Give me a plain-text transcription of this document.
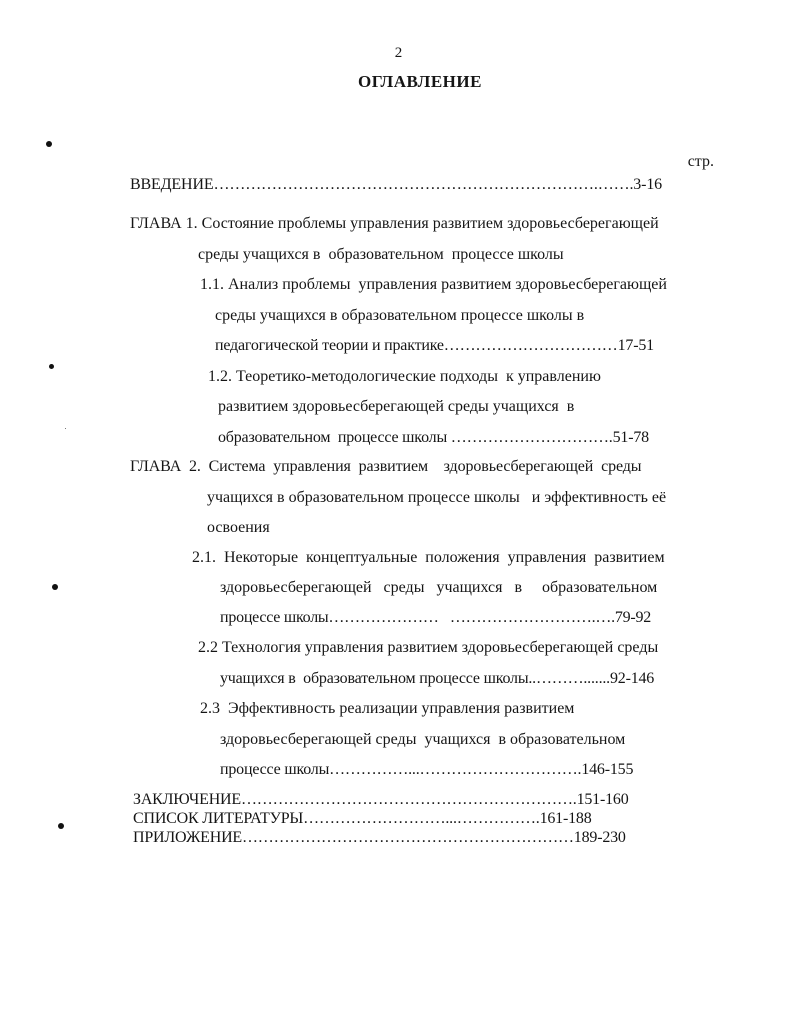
2
ОГЛАВЛЕНИЕ
стр.
ВВЕДЕНИЕ……………………………………………………………….…….3-16
ГЛАВА 1. Состояние проблемы управления развитием здоровьесберегающей
среды учащихся в  образовательном  процессе школы
1.1. Анализ проблемы  управления развитием здоровьесберегающей
среды учащихся в образовательном процессе школы в
педагогической теории и практике……………………………17-51
1.2. Теоретико-методологические подходы  к управлению
развитием здоровьесберегающей среды учащихся  в
образовательном  процессе школы ………………………….51-78
ГЛАВА  2.  Система  управления  развитием    здоровьесберегающей  среды
учащихся в образовательном процессе школы   и эффективность её
освоения
2.1.  Некоторые  концептуальные  положения  управления  развитием
здоровьесберегающей   среды   учащихся   в     образовательном
процессе школы…………………   ……………………….….79-92
2.2 Технология управления развитием здоровьесберегающей среды
учащихся в  образовательном процессе школы..……….......92-146
2.3  Эффективность реализации управления развитием
здоровьесберегающей среды  учащихся  в образовательном
процессе школы……………...………………………….146-155
ЗАКЛЮЧЕНИЕ……………………………………………………….151-160
СПИСОК ЛИТЕРАТУРЫ………………………...…………….161-188
ПРИЛОЖЕНИЕ………………………………………………………189-230
